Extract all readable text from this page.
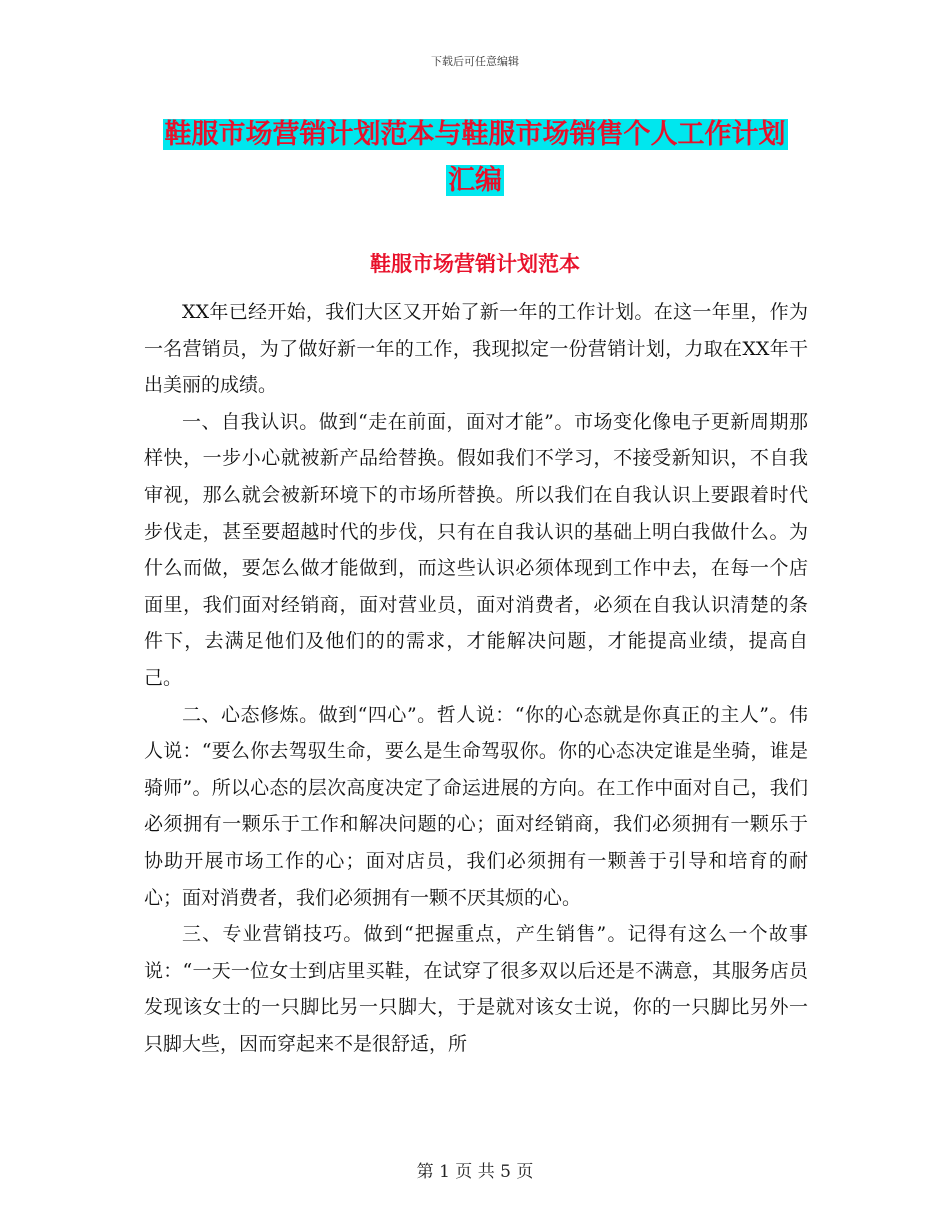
下载后可任意编辑
鞋服市场营销计划范本与鞋服市场销售个人工作计划
汇编
鞋服市场营销计划范本

XX年已经开始，我们大区又开始了新一年的工作计划。在这一年里，作为一名营销员，为了做好新一年的工作，我现拟定一份营销计划，力取在XX年干出美丽的成绩。

一、自我认识。做到“走在前面，面对才能”。市场变化像电子更新周期那样快，一步小心就被新产品给替换。假如我们不学习，不接受新知识，不自我审视，那么就会被新环境下的市场所替换。所以我们在自我认识上要跟着时代步伐走，甚至要超越时代的步伐，只有在自我认识的基础上明白我做什么。为什么而做，要怎么做才能做到，而这些认识必须体现到工作中去，在每一个店面里，我们面对经销商，面对营业员，面对消费者，必须在自我认识清楚的条件下，去满足他们及他们的的需求，才能解决问题，才能提高业绩，提高自己。

二、心态修炼。做到“四心”。哲人说：“你的心态就是你真正的主人”。伟人说：“要么你去驾驭生命，要么是生命驾驭你。你的心态决定谁是坐骑，谁是骑师”。所以心态的层次高度决定了命运进展的方向。在工作中面对自己，我们必须拥有一颗乐于工作和解决问题的心；面对经销商，我们必须拥有一颗乐于协助开展市场工作的心；面对店员，我们必须拥有一颗善于引导和培育的耐心；面对消费者，我们必须拥有一颗不厌其烦的心。

三、专业营销技巧。做到“把握重点，产生销售”。记得有这么一个故事说：“一天一位女士到店里买鞋，在试穿了很多双以后还是不满意，其服务店员发现该女士的一只脚比另一只脚大，于是就对该女士说，你的一只脚比另外一只脚大些，因而穿起来不是很舒适，所

第 1 页 共 5 页
